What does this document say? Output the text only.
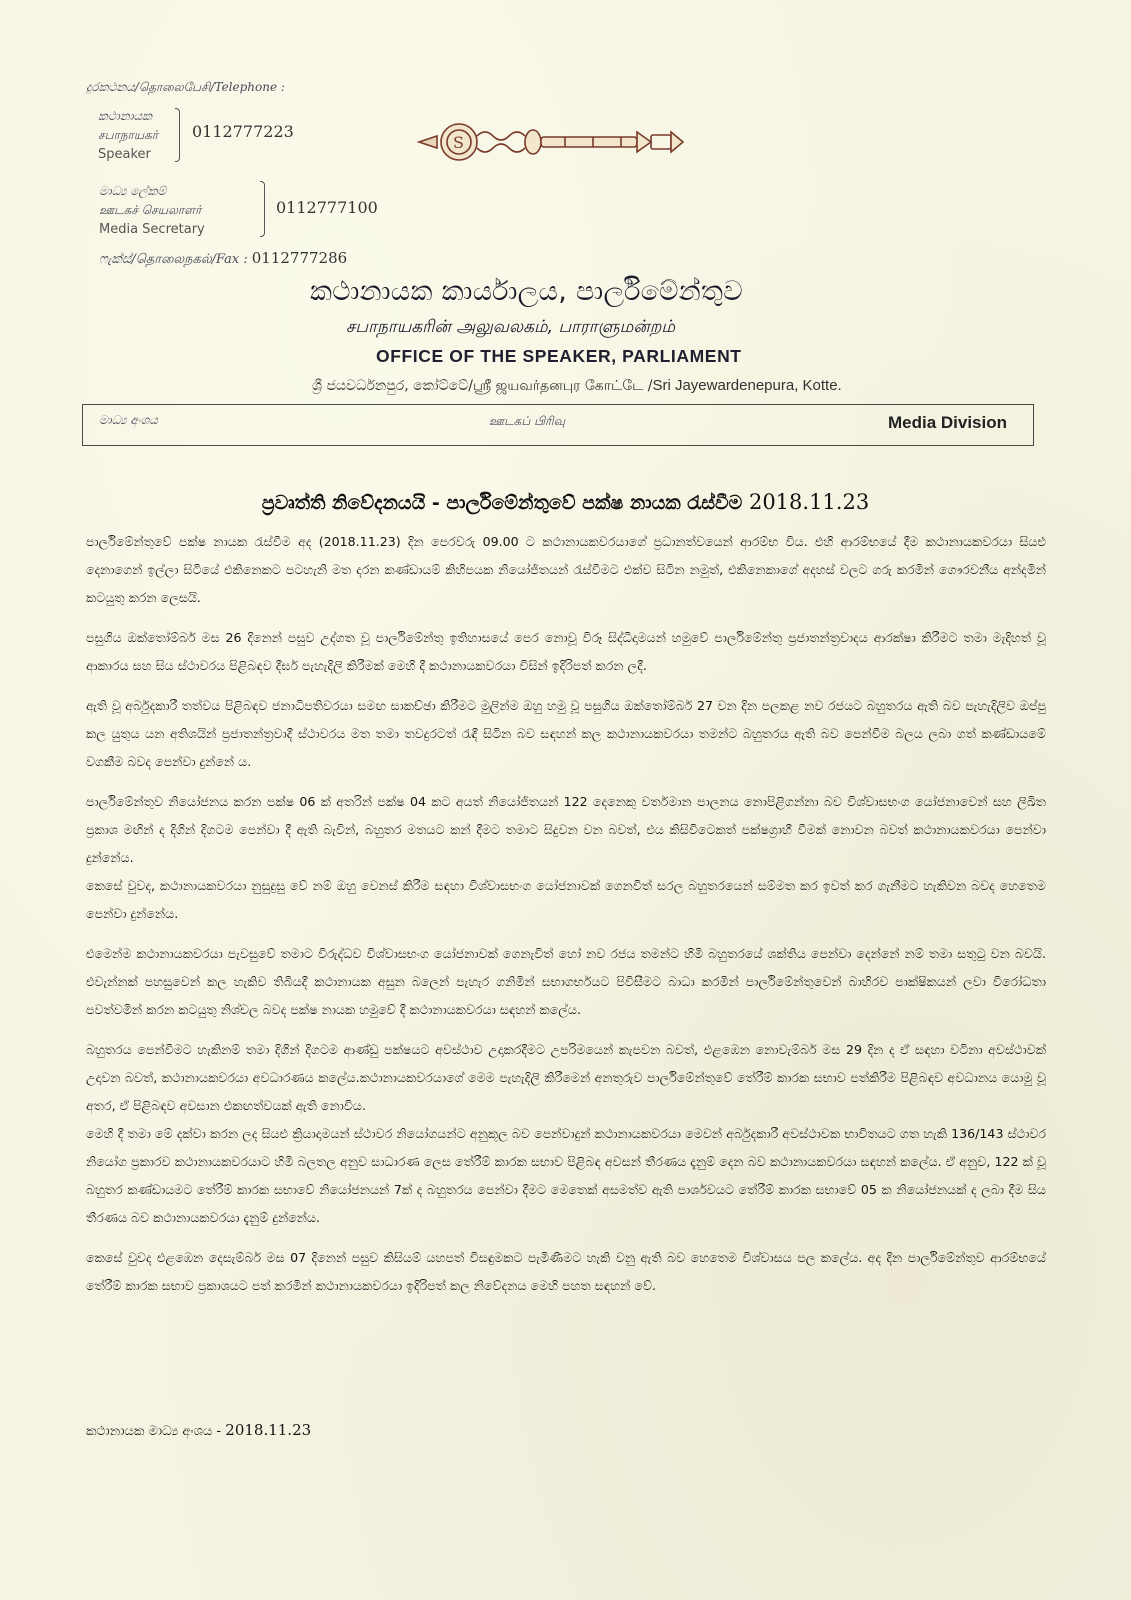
දුරකථනය/தொலைபேசி/Telephone :
කථානායක
சபாநாயகர்
Speaker
0112777223
මාධ්‍ය ලේකම්
ஊடகச் செயலாளர்
Media Secretary
0112777100
ෆැක්ස්/தொலைநகல்/Fax : 0112777286
S
කථානායක කාර්යාලය, පාර්ලිමේන්තුව
சபாநாயகரின் அலுவலகம், பாராளுமன்றம்
OFFICE OF THE SPEAKER, PARLIAMENT
ශ්‍රී ජයවර්ධනපුර, කෝට්ටේ/ஸ்ரீ ஜயவர்தனபுர கோட்டே /Sri Jayewardenepura, Kotte.
මාධ්‍ය අංශය	ஊடகப் பிரிவு	Media Division
ප්‍රවෘත්ති නිවේදනයයි - පාර්ලිමේන්තුවේ පක්ෂ නායක රැස්වීම 2018.11.23

පාර්ලිමේන්තුවේ පක්ෂ නායක රැස්වීම අද (2018.11.23) දින පෙරවරු 09.00 ට කථානායකවරයාගේ ප්‍රධානත්වයෙන් ආරම්භ විය. එහි ආරම්භයේ දීම කථානායකවරයා සියළු දෙනාගෙන් ඉල්ලා සිටියේ එකිනෙකට පටහැනි මත දරන කණ්ඩායම් කිහිපයක නියෝජිතයන් රැස්වීමට එක්ව සිටින නමුත්, එකිනෙකාගේ අදහස් වලට ගරු කරමින් ගෞරවනීය අන්දමින් කටයුතු කරන ලෙසයි.

පසුගිය ඔක්තෝම්බර් මස 26 දිනෙන් පසුව උද්ගත වූ පාර්ලිමේන්තු ඉතිහාසයේ පෙර නොවූ විරූ සිද්ධීදාමයන් හමුවේ පාර්ලිමේන්තු ප්‍රජාතන්ත්‍රවාදය ආරක්ෂා කිරීමට තමා මැදිහත් වූ ආකාරය සහ සිය ස්ථාවරය පිළිබඳව දීර්ඝ පැහැදිලි කිරීමක් මෙහි දී කථානායකවරයා විසින් ඉදිරිපත් කරන ලදී.

ඇති වූ අර්බුදකාරී තත්වය පිළිබඳව ජනාධිපතිවරයා සමඟ සාකච්ඡා කිරීමට මුලින්ම ඔහු හමු වූ පසුගිය ඔක්තෝම්බර් 27 වන දින පලකළ නව රජයට බහුතරය ඇති බව පැහැදිලිව ඔප්පු කල යුතුය යන අතිශයින් ප්‍රජාතන්ත්‍රවාදී ස්ථාවරය මත තමා තවදුරටත් රැඳී සිටින බව සඳහන් කල කථානායකවරයා තමන්ට බහුතරය ඇති බව පෙන්වීම බලය ලබා ගත් කණ්ඩායමේ වගකීම බවද පෙන්වා දුන්නේ ය.

පාර්ලිමේන්තුව නියෝජනය කරන පක්ෂ 06 ක් අතරින් පක්ෂ 04 කට අයත් නියෝජිතයන් 122 දෙනෙකු වර්තමාන පාලනය නොපිළිගන්නා බව විශ්වාසභංග යෝජනාවෙන් සහ ලිඛිත ප්‍රකාශ මඟින් ද දිගින් දිගටම පෙන්වා දී ඇති බැවින්, බහුතර මතයට කන් දීමට තමාට සිදුවන වන බවත්, එය කිසිවිටෙකත් පක්ෂග්‍රාහී වීමක් නොවන බවත් කථානායකවරයා පෙන්වා දුන්නේය.

කෙසේ වුවද, කථානායකවරයා නුසුදුසු වේ නම් ඔහු වෙනස් කිරීම සඳහා විශ්වාසභංග යෝජනාවක් ගෙනවිත් සරල බහුතරයෙන් සම්මත කර ඉවත් කර ගැනීමට හැකිවන බවද හෙතෙම පෙන්වා දුන්නේය.

එමෙන්ම කථානායකවරයා පැවසුවේ තමාට විරුද්ධව විශ්වාසභංග යෝජනාවක් ගෙනැවිත් හෝ නව රජය තමන්ට හිමි බහුතරයේ ශක්තිය පෙන්වා දෙන්නේ නම් තමා සතුටු වන බවයි. එවැන්නක් පහසුවෙන් කල හැකිව තිබියදී කථානායක අසුන බලෙන් පැහැර ගනිමින් සභාගර්භයට පිවිසීමට බාධා කරමින් පාර්ලිමේන්තුවෙන් බාහිරව පාක්ෂිකයන් ලවා විරෝධතා පවත්වමින් කරන කටයුතු නිශ්චල බවද පක්ෂ නායක හමුවේ දී කථානායකවරයා සඳහන් කලේය.

බහුතරය පෙන්වීමට හැකිනම් තමා දිගින් දිගටම ආණ්ඩු පක්ෂයට අවස්ථාව උදාකරදීමට උපරිමයෙන් කැපවන බවත්, එළඹෙන නොවැම්බර් මස 29 දින ද ඒ සඳහා වටිනා අවස්ථාවක් උදාවන බවත්, කථානායකවරයා අවධාරණය කලේය.කථානායකවරයාගේ මෙම පැහැදිලි කිරීමෙන් අනතුරුව පාර්ලිමේන්තුවේ තේරීම් කාරක සභාව පත්කිරීම පිළිබඳව අවධානය යොමු වූ අතර, ඒ පිළිබඳව අවසාන එකඟත්වයක් ඇති නොවිය.

මෙහි දී තමා මේ දක්වා කරන ලද සියළු ක්‍රියාදාමයන් ස්ථාවර නියෝගයන්ට අනුකූල බව පෙන්වාදුන් කථානායකවරයා මෙවන් අර්බුදකාරී අවස්ථාවක භාවිතයට ගත හැකි 136/143 ස්ථාවර නියෝග ප්‍රකාරව කථානායකවරයාට හිමි බලතල අනුව සාධාරණ ලෙස තේරීම් කාරක සභාව පිළිබඳ අවසන් තීරණය දැනුම් දෙන බව කථානායකවරයා සඳහන් කලේය. ඒ අනුව, 122 ක් වූ බහුතර කණ්ඩායමට තේරීම් කාරක සභාවේ නියෝජනයන් 7ක් ද බහුතරය පෙන්වා දීමට මෙතෙක් අසමත්ව ඇති පාර්ශවයට තේරීම් කාරක සභාවේ 05 ක නියෝජනයක් ද ලබා දීම සිය තීරණය බව කථානායකවරයා දැනුම් දුන්නේය.

කෙසේ වුවද එළඹෙන දෙසැම්බර් මස 07 දිනෙන් පසුව කිසියම් යහපත් විසඳුමකට පැමිණීමට හැකි වනු ඇති බව හෙතෙම විශ්වාසය පල කලේය. අද දින පාර්ලිමේන්තුව ආරම්භයේ තේරීම් කාරක සභාව ප්‍රකාශයට පත් කරමින් කථානායකවරයා ඉදිරිපත් කල නිවේදනය මෙහි පහත සඳහන් වේ.

කථානායක මාධ්‍ය අංශය - 2018.11.23
